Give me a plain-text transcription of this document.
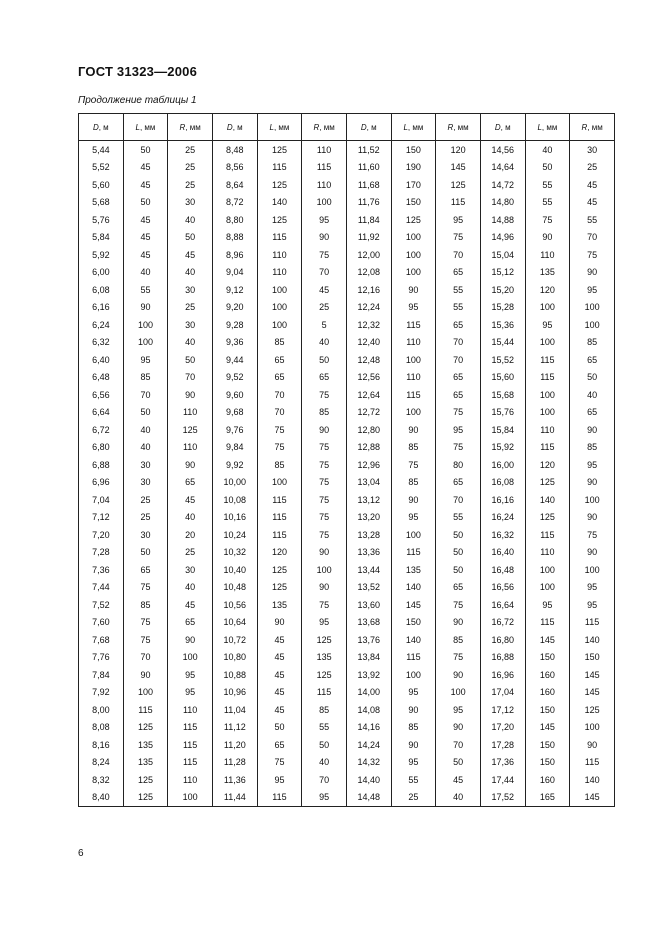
ГОСТ 31323—2006
Продолжение таблицы 1
D, м	L, мм	R, мм	D, м	L, мм	R, мм	D, м	L, мм	R, мм	D, м	L, мм	R, мм
5,44	50	25	8,48	125	110	11,52	150	120	14,56	40	30
5,52	45	25	8,56	115	115	11,60	190	145	14,64	50	25
5,60	45	25	8,64	125	110	11,68	170	125	14,72	55	45
5,68	50	30	8,72	140	100	11,76	150	115	14,80	55	45
5,76	45	40	8,80	125	95	11,84	125	95	14,88	75	55
5,84	45	50	8,88	115	90	11,92	100	75	14,96	90	70
5,92	45	45	8,96	110	75	12,00	100	70	15,04	110	75
6,00	40	40	9,04	110	70	12,08	100	65	15,12	135	90
6,08	55	30	9,12	100	45	12,16	90	55	15,20	120	95
6,16	90	25	9,20	100	25	12,24	95	55	15,28	100	100
6,24	100	30	9,28	100	5	12,32	115	65	15,36	95	100
6,32	100	40	9,36	85	40	12,40	110	70	15,44	100	85
6,40	95	50	9,44	65	50	12,48	100	70	15,52	115	65
6,48	85	70	9,52	65	65	12,56	110	65	15,60	115	50
6,56	70	90	9,60	70	75	12,64	115	65	15,68	100	40
6,64	50	110	9,68	70	85	12,72	100	75	15,76	100	65
6,72	40	125	9,76	75	90	12,80	90	95	15,84	110	90
6,80	40	110	9,84	75	75	12,88	85	75	15,92	115	85
6,88	30	90	9,92	85	75	12,96	75	80	16,00	120	95
6,96	30	65	10,00	100	75	13,04	85	65	16,08	125	90
7,04	25	45	10,08	115	75	13,12	90	70	16,16	140	100
7,12	25	40	10,16	115	75	13,20	95	55	16,24	125	90
7,20	30	20	10,24	115	75	13,28	100	50	16,32	115	75
7,28	50	25	10,32	120	90	13,36	115	50	16,40	110	90
7,36	65	30	10,40	125	100	13,44	135	50	16,48	100	100
7,44	75	40	10,48	125	90	13,52	140	65	16,56	100	95
7,52	85	45	10,56	135	75	13,60	145	75	16,64	95	95
7,60	75	65	10,64	90	95	13,68	150	90	16,72	115	115
7,68	75	90	10,72	45	125	13,76	140	85	16,80	145	140
7,76	70	100	10,80	45	135	13,84	115	75	16,88	150	150
7,84	90	95	10,88	45	125	13,92	100	90	16,96	160	145
7,92	100	95	10,96	45	115	14,00	95	100	17,04	160	145
8,00	115	110	11,04	45	85	14,08	90	95	17,12	150	125
8,08	125	115	11,12	50	55	14,16	85	90	17,20	145	100
8,16	135	115	11,20	65	50	14,24	90	70	17,28	150	90
8,24	135	115	11,28	75	40	14,32	95	50	17,36	150	115
8,32	125	110	11,36	95	70	14,40	55	45	17,44	160	140
8,40	125	100	11,44	115	95	14,48	25	40	17,52	165	145
6
